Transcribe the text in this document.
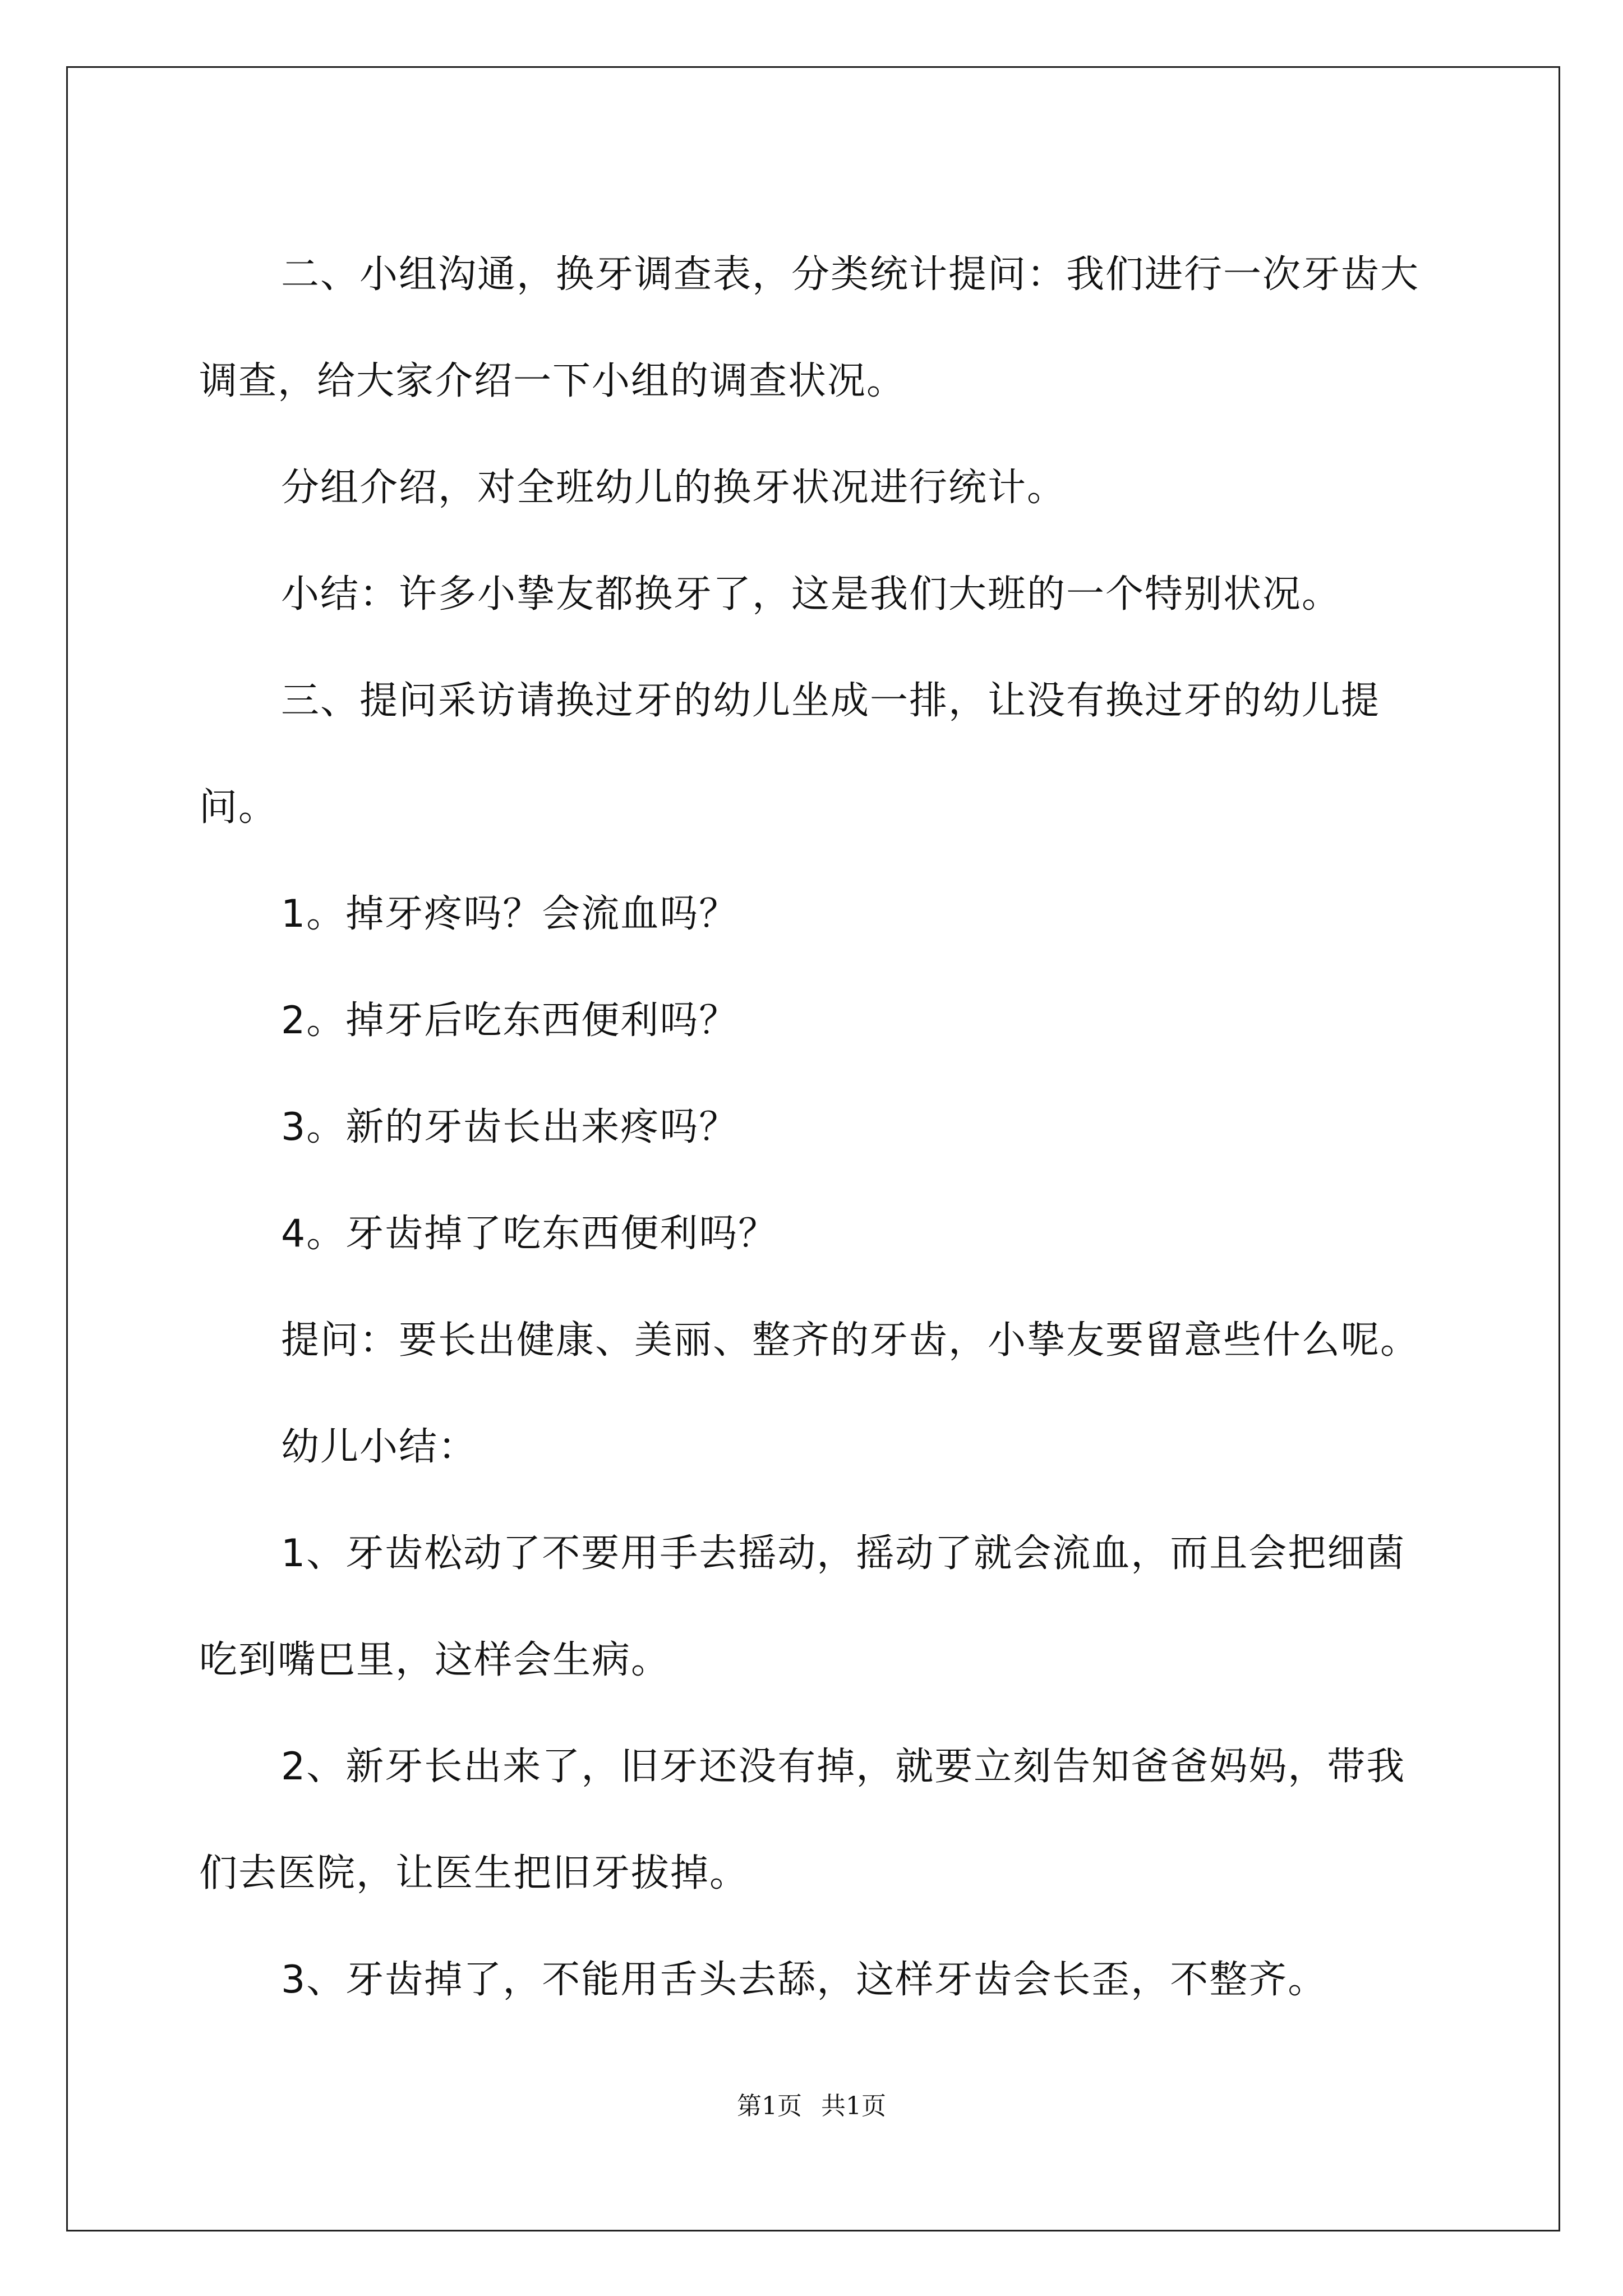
二、小组沟通，换牙调查表，分类统计提问：我们进行一次牙齿大调查，给大家介绍一下小组的调查状况。

分组介绍，对全班幼儿的换牙状况进行统计。

小结：许多小挚友都换牙了，这是我们大班的一个特别状况。

三、提问采访请换过牙的幼儿坐成一排，让没有换过牙的幼儿提问。

1。掉牙疼吗？会流血吗？

2。掉牙后吃东西便利吗？

3。新的牙齿长出来疼吗？

4。牙齿掉了吃东西便利吗？

提问：要长出健康、美丽、整齐的牙齿，小挚友要留意些什么呢。

幼儿小结：

1、牙齿松动了不要用手去摇动，摇动了就会流血，而且会把细菌吃到嘴巴里，这样会生病。

2、新牙长出来了，旧牙还没有掉，就要立刻告知爸爸妈妈，带我们去医院，让医生把旧牙拔掉。

3、牙齿掉了，不能用舌头去舔，这样牙齿会长歪，不整齐。

第1页 共1页
